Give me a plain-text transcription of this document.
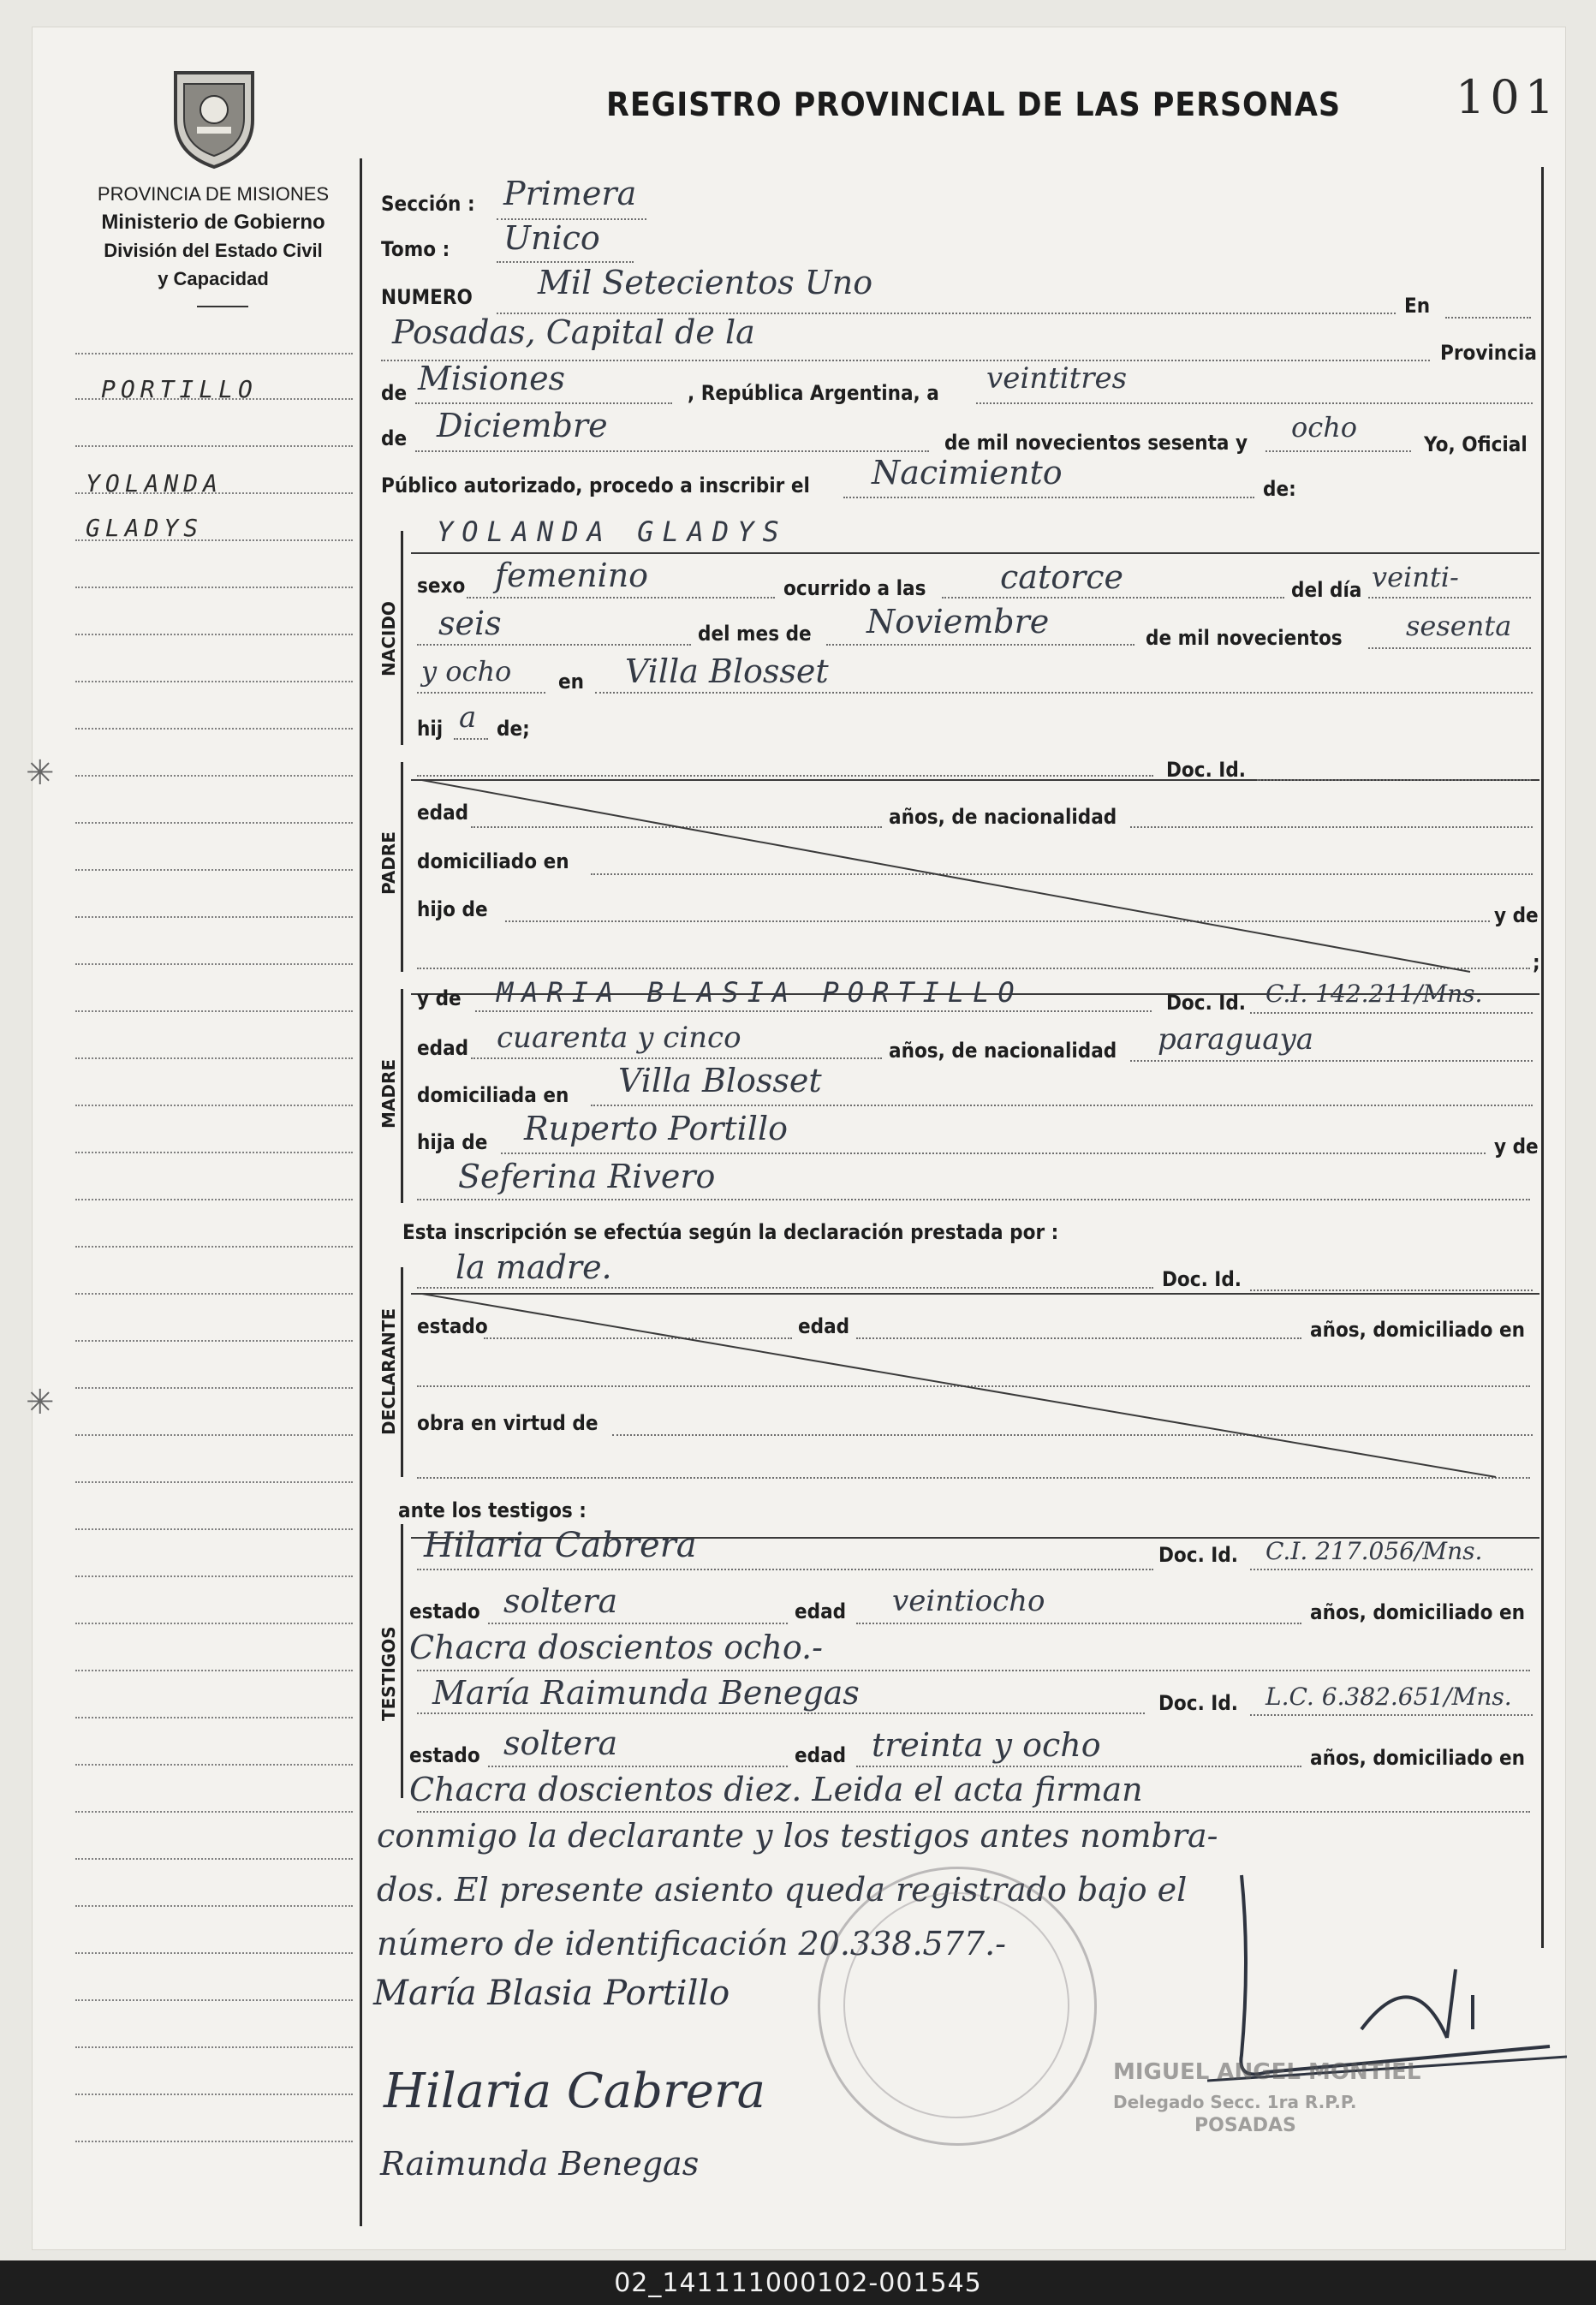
✳
✳
REGISTRO PROVINCIAL DE LAS PERSONAS 101
PROVINCIA DE MISIONES
Ministerio de Gobierno
División del Estado Civil
y Capacidad
PORTILLO
YOLANDA
GLADYS
NACIDO
PADRE
MADRE
DECLARANTE
TESTIGOS
Sección : Primera
Tomo : Unico
NUMERO Mil Setecientos Uno
En
Posadas, Capital de la
Provincia
de Misiones	, República Argentina, a veintitres
de Diciembre	de mil novecientos sesenta y ocho
Yo, Oficial
Público autorizado, procedo a inscribir el Nacimiento	de:
YOLANDA GLADYS
sexo femenino	ocurrido a las catorce	del día veinti-
seis	del mes de Noviembre	de mil novecientos sesenta
y ocho en Villa Blosset
hij a de;
Doc. Id.
edad	años, de nacionalidad
domiciliado en
hijo de	y de
;
y de MARIA BLASIA PORTILLO	Doc. Id. C.I. 142.211/Mns.
edad cuarenta y cinco	años, de nacionalidad paraguaya
domiciliada en Villa Blosset
hija de Ruperto Portillo	y de
Seferina Rivero
Esta inscripción se efectúa según la declaración prestada por :
la madre.	Doc. Id.
estado	edad	años, domiciliado en
obra en virtud de
ante los testigos :
Hilaria Cabrera	Doc. Id. C.I. 217.056/Mns.
estado soltera	edad veintiocho	años, domiciliado en
Chacra doscientos ocho.-
María Raimunda Benegas	Doc. Id. L.C. 6.382.651/Mns.
estado soltera	edad treinta y ocho	años, domiciliado en
Chacra doscientos diez. Leida el acta firman
conmigo la declarante y los testigos antes nombra-
dos. El presente asiento queda registrado bajo el
número de identificación 20.338.577.-
María Blasia Portillo
Hilaria Cabrera
Raimunda Benegas
MIGUEL ANGEL MONTIEL
Delegado Secc. 1ra R.P.P.
POSADAS
02_141111000102-001545
